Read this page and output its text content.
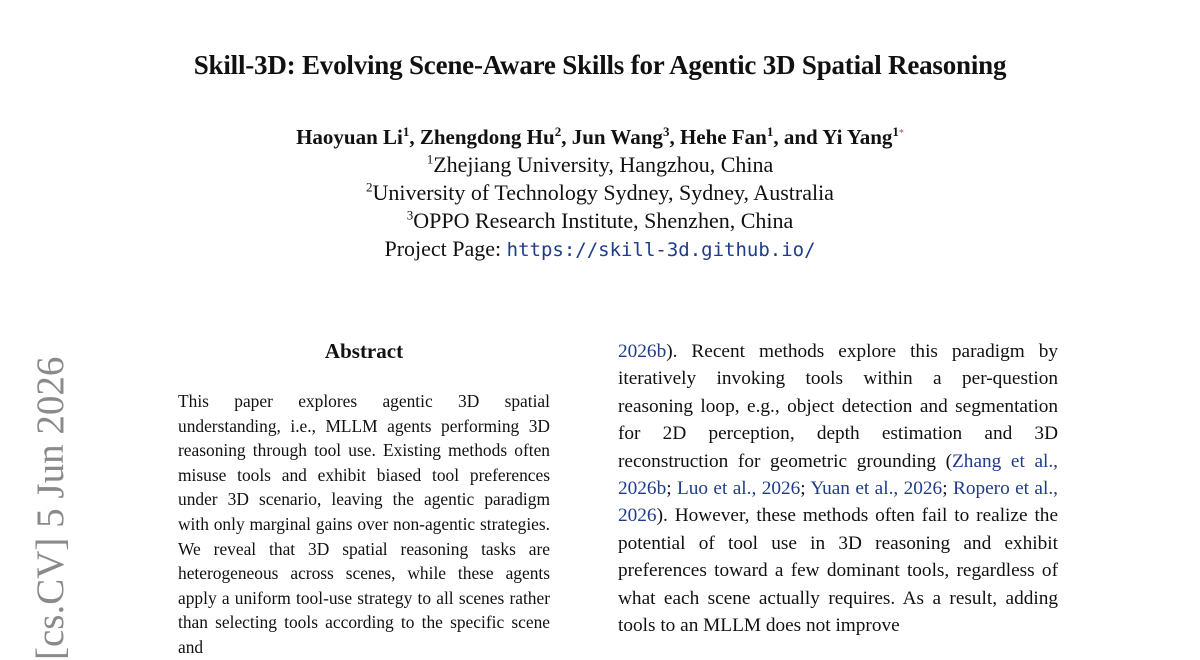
Skill-3D: Evolving Scene-Aware Skills for Agentic 3D Spatial Reasoning
Haoyuan Li$^1$, Zhengdong Hu$^2$, Jun Wang$^3$, Hehe Fan$^1$, and Yi Yang$^{1*}$
$^1$Zhejiang University, Hangzhou, China
$^2$University of Technology Sydney, Sydney, Australia
$^3$OPPO Research Institute, Shenzhen, China
Project Page: https://skill-3d.github.io/
[cs.CV] 5 Jun 2026
Abstract

This paper explores agentic 3D spatial understanding, i.e., MLLM agents performing 3D reasoning through tool use. Existing methods often misuse tools and exhibit biased tool preferences under 3D scenario, leaving the agentic paradigm with only marginal gains over non-agentic strategies. We reveal that 3D spatial reasoning tasks are heterogeneous across scenes, while these agents apply a uniform tool-use strategy to all scenes rather than selecting tools according to the specific scene and

2026b). Recent methods explore this paradigm by iteratively invoking tools within a per-question reasoning loop, e.g., object detection and segmentation for 2D perception, depth estimation and 3D reconstruction for geometric grounding (Zhang et al., 2026b; Luo et al., 2026; Yuan et al., 2026; Ropero et al., 2026). However, these methods often fail to realize the potential of tool use in 3D reasoning and exhibit preferences toward a few dominant tools, regardless of what each scene actually requires. As a result, adding tools to an MLLM does not improve
